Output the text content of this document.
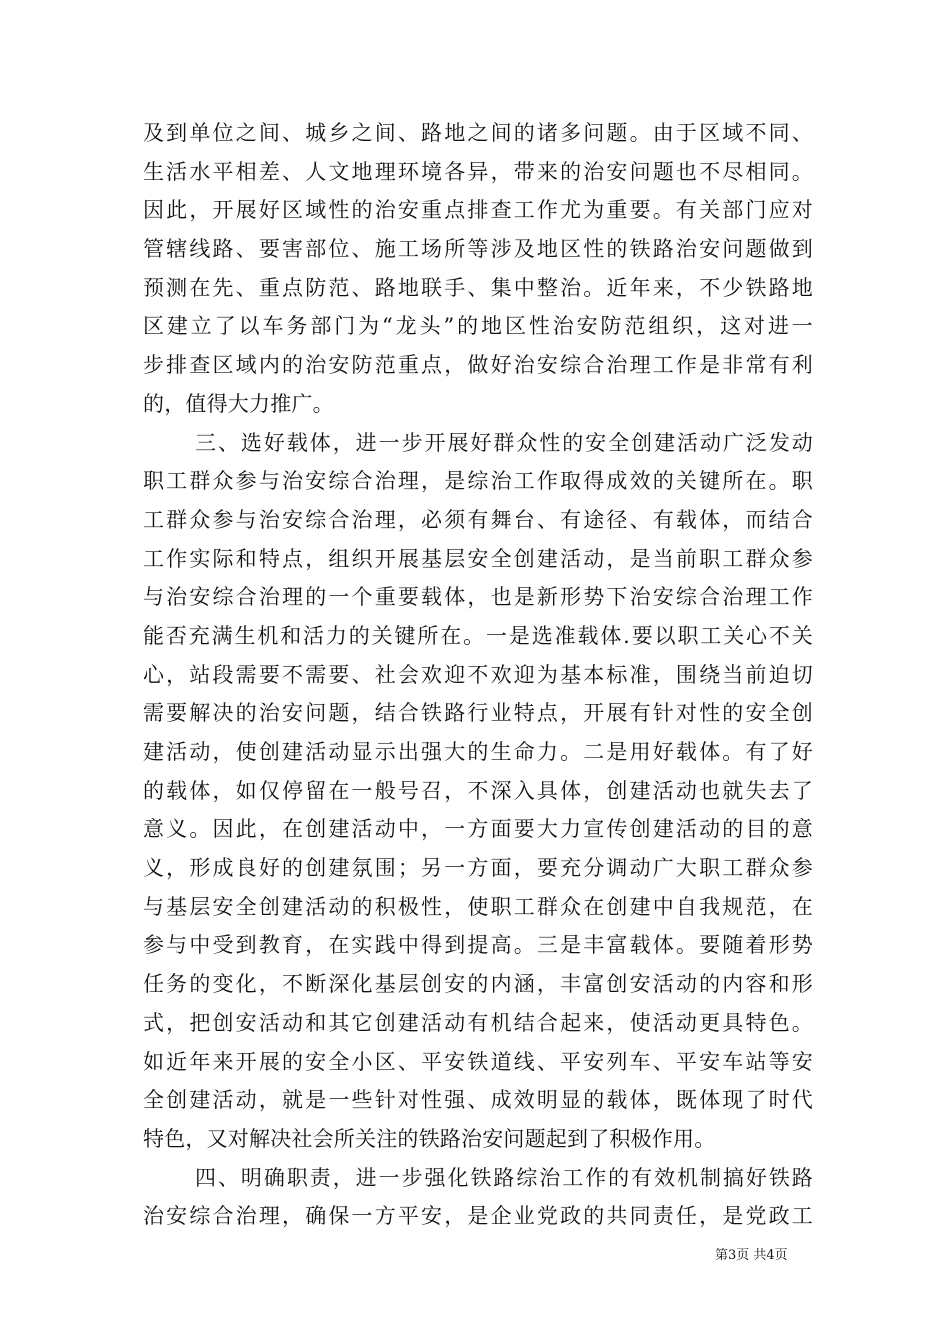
及到单位之间、城乡之间、路地之间的诸多问题。由于区域不同、
生活水平相差、人文地理环境各异，带来的治安问题也不尽相同。
因此，开展好区域性的治安重点排查工作尤为重要。有关部门应对
管辖线路、要害部位、施工场所等涉及地区性的铁路治安问题做到
预测在先、重点防范、路地联手、集中整治。近年来，不少铁路地
区建立了以车务部门为“龙头”的地区性治安防范组织，这对进一
步排查区域内的治安防范重点，做好治安综合治理工作是非常有利
的，值得大力推广。
三、选好载体，进一步开展好群众性的安全创建活动广泛发动
职工群众参与治安综合治理，是综治工作取得成效的关键所在。职
工群众参与治安综合治理，必须有舞台、有途径、有载体，而结合
工作实际和特点，组织开展基层安全创建活动，是当前职工群众参
与治安综合治理的一个重要载体，也是新形势下治安综合治理工作
能否充满生机和活力的关键所在。一是选准载体.要以职工关心不关
心，站段需要不需要、社会欢迎不欢迎为基本标准，围绕当前迫切
需要解决的治安问题，结合铁路行业特点，开展有针对性的安全创
建活动，使创建活动显示出强大的生命力。二是用好载体。有了好
的载体，如仅停留在一般号召，不深入具体，创建活动也就失去了
意义。因此，在创建活动中，一方面要大力宣传创建活动的目的意
义，形成良好的创建氛围；另一方面，要充分调动广大职工群众参
与基层安全创建活动的积极性，使职工群众在创建中自我规范，在
参与中受到教育，在实践中得到提高。三是丰富载体。要随着形势
任务的变化，不断深化基层创安的内涵，丰富创安活动的内容和形
式，把创安活动和其它创建活动有机结合起来，使活动更具特色。
如近年来开展的安全小区、平安铁道线、平安列车、平安车站等安
全创建活动，就是一些针对性强、成效明显的载体，既体现了时代
特色，又对解决社会所关注的铁路治安问题起到了积极作用。
四、明确职责，进一步强化铁路综治工作的有效机制搞好铁路
治安综合治理，确保一方平安，是企业党政的共同责任，是党政工
第3页 共4页
